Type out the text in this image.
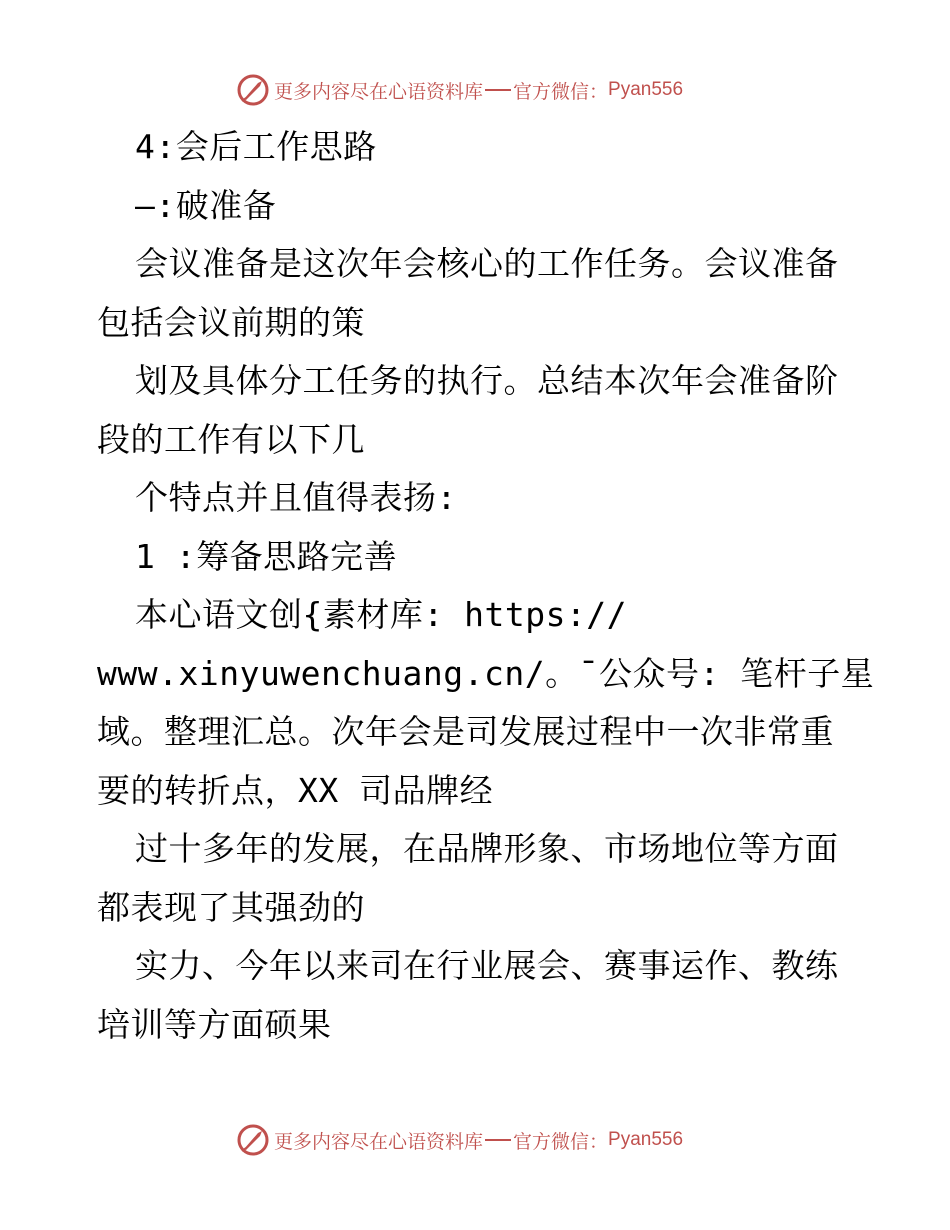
更多内容尽在心语资料库 官方微信： Pyan556
4:会后工作思路
—:破准备
会议准备是这次年会核心的工作任务。会议准备
包括会议前期的策
划及具体分工任务的执行。总结本次年会准备阶
段的工作有以下几
个特点并且值得表扬:
1 :筹备思路完善
本心语文创{素材库: https://
www.xinyuwenchuang.cn/。¯公众号: 笔杆子星
域。整理汇总。次年会是司发展过程中一次非常重
要的转折点，XX 司品牌经
过十多年的发展，在品牌形象、市场地位等方面
都表现了其强劲的
实力、今年以来司在行业展会、赛事运作、教练
培训等方面硕果
更多内容尽在心语资料库 官方微信： Pyan556
